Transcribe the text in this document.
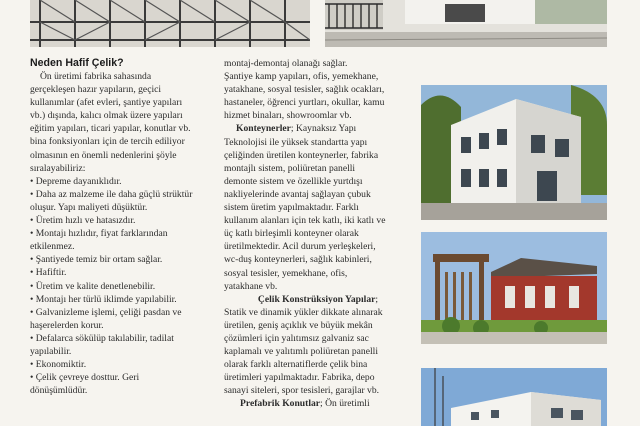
Neden Hafif Çelik?

Ön üretimi fabrika sahasında
gerçekleşen hazır yapıların, geçici
kullanımlar (afet evleri, şantiye yapıları
vb.) dışında, kalıcı olmak üzere yapıları
eğitim yapıları, ticari yapılar, konutlar vb.
bina fonksiyonları için de tercih ediliyor
olmasının en önemli nedenlerini şöyle
sıralayabiliriz:

• Depreme dayanıklıdır.
• Daha az malzeme ile daha güçlü strüktür
oluşur. Yapı maliyeti düşüktür.
• Üretim hızlı ve hatasızdır.
• Montajı hızlıdır, fiyat farklarından
etkilenmez.
• Şantiyede temiz bir ortam sağlar.
• Hafiftir.
• Üretim ve kalite denetlenebilir.
• Montajı her türlü iklimde yapılabilir.
• Galvanizleme işlemi, çeliği pasdan ve
haşerelerden korur.
• Defalarca sökülüp takılabilir, tadilat
yapılabilir.
• Ekonomiktir.
• Çelik çevreye dosttur. Geri
dönüşümlüdür.
montaj-demontaj olanağı sağlar.
Şantiye kamp yapıları, ofis, yemekhane,
yatakhane, sosyal tesisler, sağlık ocakları,
hastaneler, öğrenci yurtları, okullar, kamu
hizmet binaları, showroomlar vb.
Konteynerler; Kaynaksız Yapı
Teknolojisi ile yüksek standartta yapı
çeliğinden üretilen konteynerler, fabrika
montajlı sistem, poliüretan panelli
demonte sistem ve özellikle yurtdışı
nakliyelerinde avantaj sağlayan çubuk
sistem üretim yapılmaktadır. Farklı
kullanım alanları için tek katlı, iki katlı ve
üç katlı birleşimli konteyner olarak
üretilmektedir. Acil durum yerleşkeleri,
wc-duş konteynerleri, sağlık kabinleri,
sosyal tesisler, yemekhane, ofis,
yatakhane vb.
Çelik Konstrüksiyon Yapılar;
Statik ve dinamik yükler dikkate alınarak
üretilen, geniş açıklık ve büyük mekân
çözümleri için yalıtımsız galvaniz sac
kaplamalı ve yalıtımlı poliüretan panelli
olarak farklı alternatiflerde çelik bina
üretimleri yapılmaktadır. Fabrika, depo
sanayi siteleri, spor tesisleri, garajlar vb.
Prefabrik Konutlar; Ön üretimli
